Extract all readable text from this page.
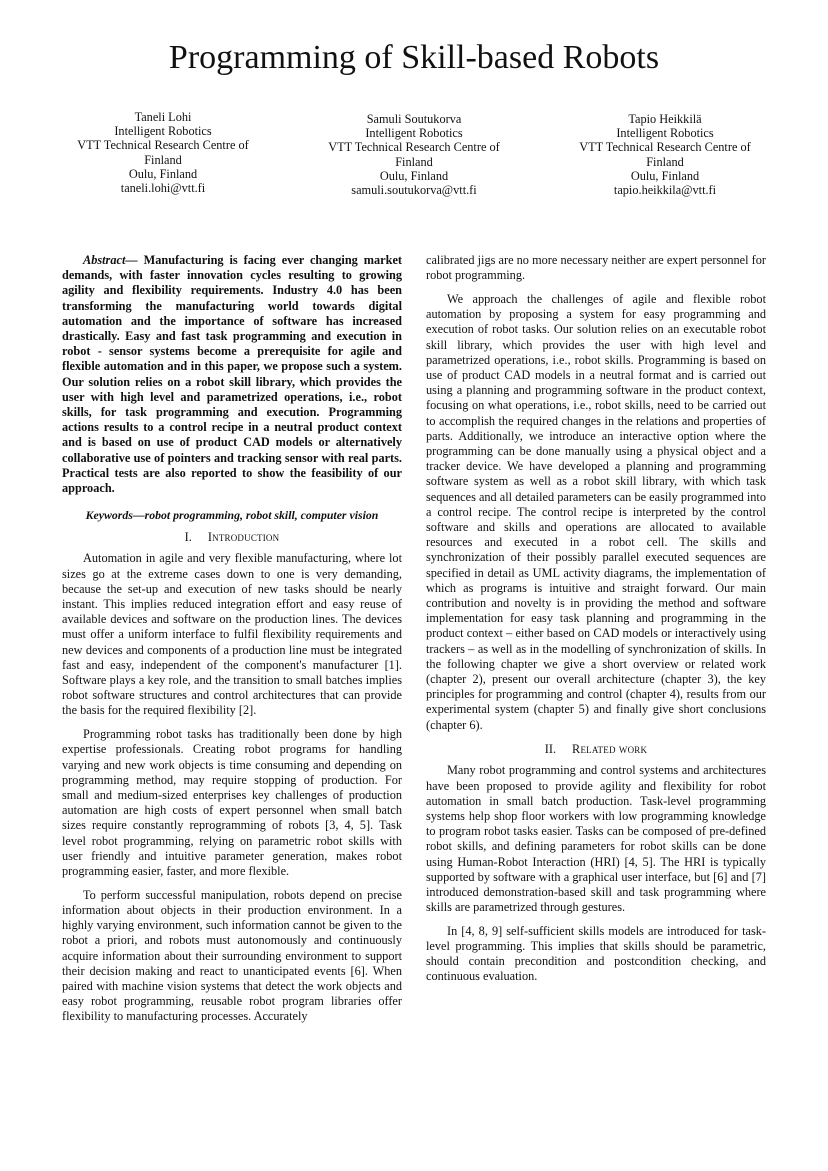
Programming of Skill-based Robots
Taneli Lohi
Intelligent Robotics
VTT Technical Research Centre of
Finland
Oulu, Finland
taneli.lohi@vtt.fi
Samuli Soutukorva
Intelligent Robotics
VTT Technical Research Centre of
Finland
Oulu, Finland
samuli.soutukorva@vtt.fi
Tapio Heikkilä
Intelligent Robotics
VTT Technical Research Centre of
Finland
Oulu, Finland
tapio.heikkila@vtt.fi

Abstract— Manufacturing is facing ever changing market demands, with faster innovation cycles resulting to growing agility and flexibility requirements. Industry 4.0 has been transforming the manufacturing world towards digital automation and the importance of software has increased drastically. Easy and fast task programming and execution in robot - sensor systems become a prerequisite for agile and flexible automation and in this paper, we propose such a system. Our solution relies on a robot skill library, which provides the user with high level and parametrized operations, i.e., robot skills, for task programming and execution. Programming actions results to a control recipe in a neutral product context and is based on use of product CAD models or alternatively collaborative use of pointers and tracking sensor with real parts. Practical tests are also reported to show the feasibility of our approach.

Keywords—robot programming, robot skill, computer vision

I. Introduction

Automation in agile and very flexible manufacturing, where lot sizes go at the extreme cases down to one is very demanding, because the set-up and execution of new tasks should be nearly instant. This implies reduced integration effort and easy reuse of available devices and software on the production lines. The devices must offer a uniform interface to fulfil flexibility requirements and new devices and components of a production line must be integrated fast and easy, independent of the component's manufacturer [1]. Software plays a key role, and the transition to small batches implies robot software structures and control architectures that can provide the basis for the required flexibility [2].

Programming robot tasks has traditionally been done by high expertise professionals. Creating robot programs for handling varying and new work objects is time consuming and depending on programming method, may require stopping of production. For small and medium-sized enterprises key challenges of production automation are high costs of expert personnel when small batch sizes require constantly reprogramming of robots [3, 4, 5]. Task level robot programming, relying on parametric robot skills with user friendly and intuitive parameter generation, makes robot programming easier, faster, and more flexible.

To perform successful manipulation, robots depend on precise information about objects in their production environment. In a highly varying environment, such information cannot be given to the robot a priori, and robots must autonomously and continuously acquire information about their surrounding environment to support their decision making and react to unanticipated events [6]. When paired with machine vision systems that detect the work objects and easy robot programming, reusable robot program libraries offer flexibility to manufacturing processes. Accurately

calibrated jigs are no more necessary neither are expert personnel for robot programming.

We approach the challenges of agile and flexible robot automation by proposing a system for easy programming and execution of robot tasks. Our solution relies on an executable robot skill library, which provides the user with high level and parametrized operations, i.e., robot skills. Programming is based on use of product CAD models in a neutral format and is carried out using a planning and programming software in the product context, focusing on what operations, i.e., robot skills, need to be carried out to accomplish the required changes in the relations and properties of parts. Additionally, we introduce an interactive option where the programming can be done manually using a physical object and a tracker device. We have developed a planning and programming software system as well as a robot skill library, with which task sequences and all detailed parameters can be easily programmed into a control recipe. The control recipe is interpreted by the control software and skills and operations are allocated to available resources and executed in a robot cell. The skills and synchronization of their possibly parallel executed sequences are specified in detail as UML activity diagrams, the implementation of which as programs is intuitive and straight forward. Our main contribution and novelty is in providing the method and software implementation for easy task planning and programming in the product context – either based on CAD models or interactively using trackers – as well as in the modelling of synchronization of skills. In the following chapter we give a short overview or related work (chapter 2), present our overall architecture (chapter 3), the key principles for programming and control (chapter 4), results from our experimental system (chapter 5) and finally give short conclusions (chapter 6).

II. Related work

Many robot programming and control systems and architectures have been proposed to provide agility and flexibility for robot automation in small batch production. Task-level programming systems help shop floor workers with low programming knowledge to program robot tasks easier. Tasks can be composed of pre-defined robot skills, and defining parameters for robot skills can be done using Human-Robot Interaction (HRI) [4, 5]. The HRI is typically supported by software with a graphical user interface, but [6] and [7] introduced demonstration-based skill and task programming where skills are parametrized through gestures.

In [4, 8, 9] self-sufficient skills models are introduced for task-level programming. This implies that skills should be parametric, should contain precondition and postcondition checking, and continuous evaluation.
